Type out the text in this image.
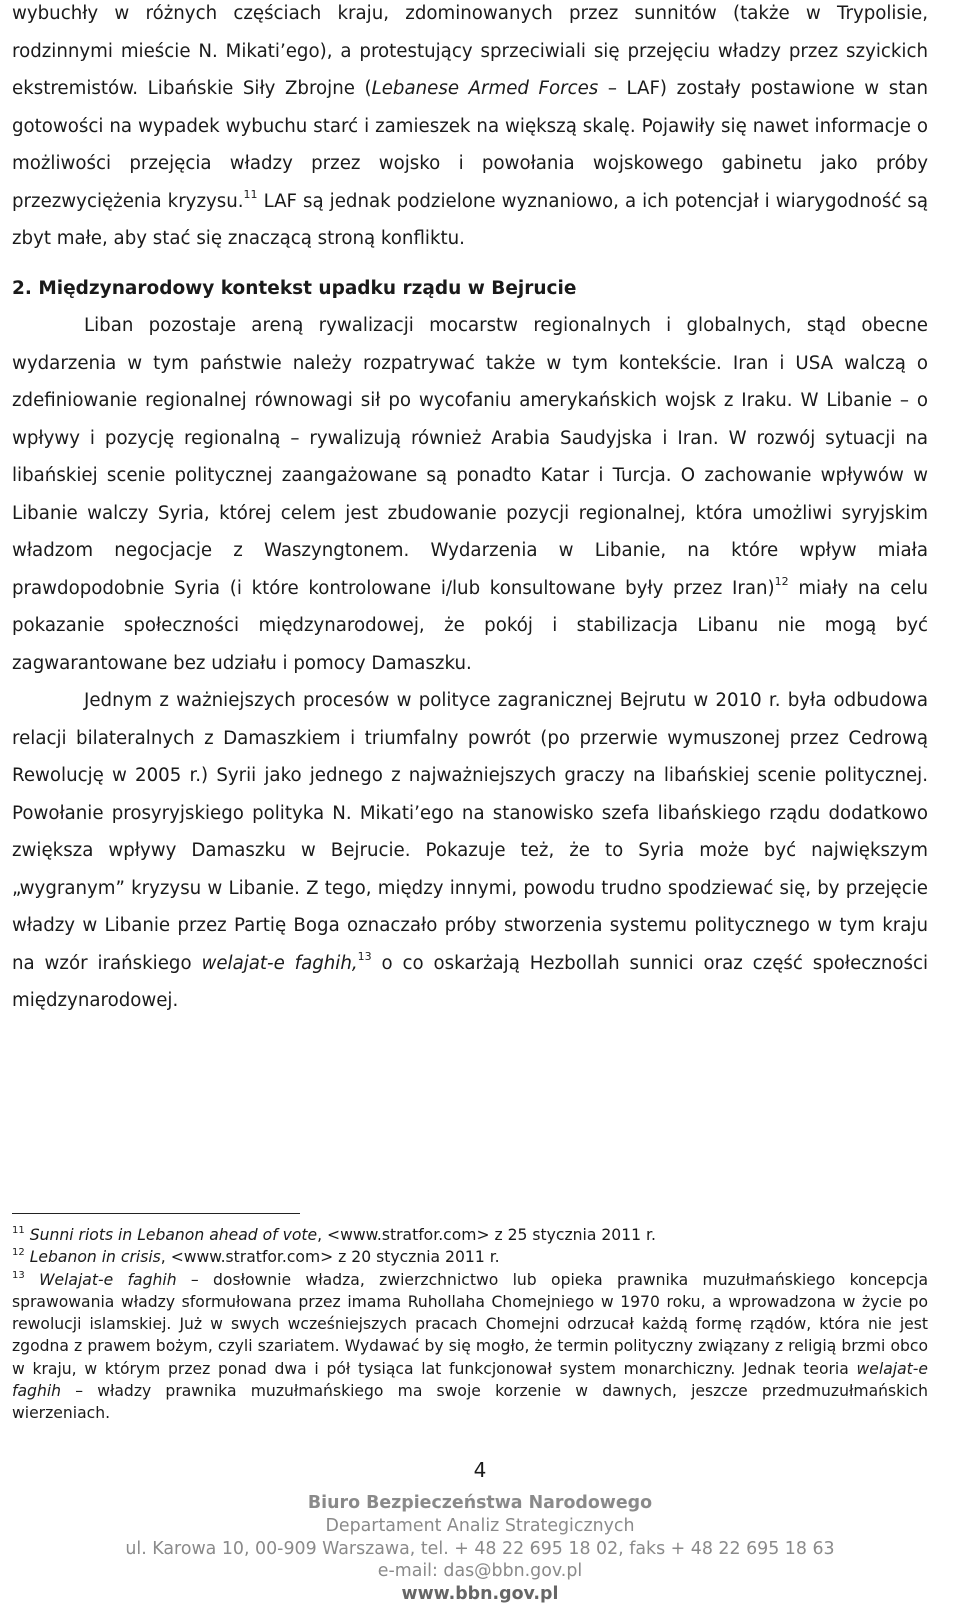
wybuchły w różnych częściach kraju, zdominowanych przez sunnitów (także w Trypolisie, rodzinnymi mieście N. Mikati’ego), a protestujący sprzeciwiali się przejęciu władzy przez szyickich ekstremistów. Libańskie Siły Zbrojne (Lebanese Armed Forces – LAF) zostały postawione w stan gotowości na wypadek wybuchu starć i zamieszek na większą skalę. Pojawiły się nawet informacje o możliwości przejęcia władzy przez wojsko i powołania wojskowego gabinetu jako próby przezwyciężenia kryzysu.$^{11}$ LAF są jednak podzielone wyznaniowo, a ich potencjał i wiarygodność są zbyt małe, aby stać się znaczącą stroną konfliktu.

2. Międzynarodowy kontekst upadku rządu w Bejrucie

Liban pozostaje areną rywalizacji mocarstw regionalnych i globalnych, stąd obecne wydarzenia w tym państwie należy rozpatrywać także w tym kontekście. Iran i USA walczą o zdefiniowanie regionalnej równowagi sił po wycofaniu amerykańskich wojsk z Iraku. W Libanie – o wpływy i pozycję regionalną – rywalizują również Arabia Saudyjska i Iran. W rozwój sytuacji na libańskiej scenie politycznej zaangażowane są ponadto Katar i Turcja. O zachowanie wpływów w Libanie walczy Syria, której celem jest zbudowanie pozycji regionalnej, która umożliwi syryjskim władzom negocjacje z Waszyngtonem. Wydarzenia w Libanie, na które wpływ miała prawdopodobnie Syria (i które kontrolowane i/lub konsultowane były przez Iran)$^{12}$ miały na celu pokazanie społeczności międzynarodowej, że pokój i stabilizacja Libanu nie mogą być zagwarantowane bez udziału i pomocy Damaszku.

Jednym z ważniejszych procesów w polityce zagranicznej Bejrutu w 2010 r. była odbudowa relacji bilateralnych z Damaszkiem i triumfalny powrót (po przerwie wymuszonej przez Cedrową Rewolucję w 2005 r.) Syrii jako jednego z najważniejszych graczy na libańskiej scenie politycznej. Powołanie prosyryjskiego polityka N. Mikati’ego na stanowisko szefa libańskiego rządu dodatkowo zwiększa wpływy Damaszku w Bejrucie. Pokazuje też, że to Syria może być największym „wygranym” kryzysu w Libanie. Z tego, między innymi, powodu trudno spodziewać się, by przejęcie władzy w Libanie przez Partię Boga oznaczało próby stworzenia systemu politycznego w tym kraju na wzór irańskiego welajat-e faghih,$^{13}$ o co oskarżają Hezbollah sunnici oraz część społeczności międzynarodowej.

$^{11}$ Sunni riots in Lebanon ahead of vote, <www.stratfor.com> z 25 stycznia 2011 r.

$^{12}$ Lebanon in crisis, <www.stratfor.com> z 20 stycznia 2011 r.

$^{13}$ Welajat-e faghih – dosłownie władza, zwierzchnictwo lub opieka prawnika muzułmańskiego koncepcja sprawowania władzy sformułowana przez imama Ruhollaha Chomejniego w 1970 roku, a wprowadzona w życie po rewolucji islamskiej. Już w swych wcześniejszych pracach Chomejni odrzucał każdą formę rządów, która nie jest zgodna z prawem bożym, czyli szariatem. Wydawać by się mogło, że termin polityczny związany z religią brzmi obco w kraju, w którym przez ponad dwa i pół tysiąca lat funkcjonował system monarchiczny. Jednak teoria welajat-e faghih – władzy prawnika muzułmańskiego ma swoje korzenie w dawnych, jeszcze przedmuzułmańskich wierzeniach.

4
Biuro Bezpieczeństwa Narodowego
Departament Analiz Strategicznych
ul. Karowa 10, 00-909 Warszawa, tel. + 48 22 695 18 02, faks + 48 22 695 18 63
e-mail: das@bbn.gov.pl
www.bbn.gov.pl
